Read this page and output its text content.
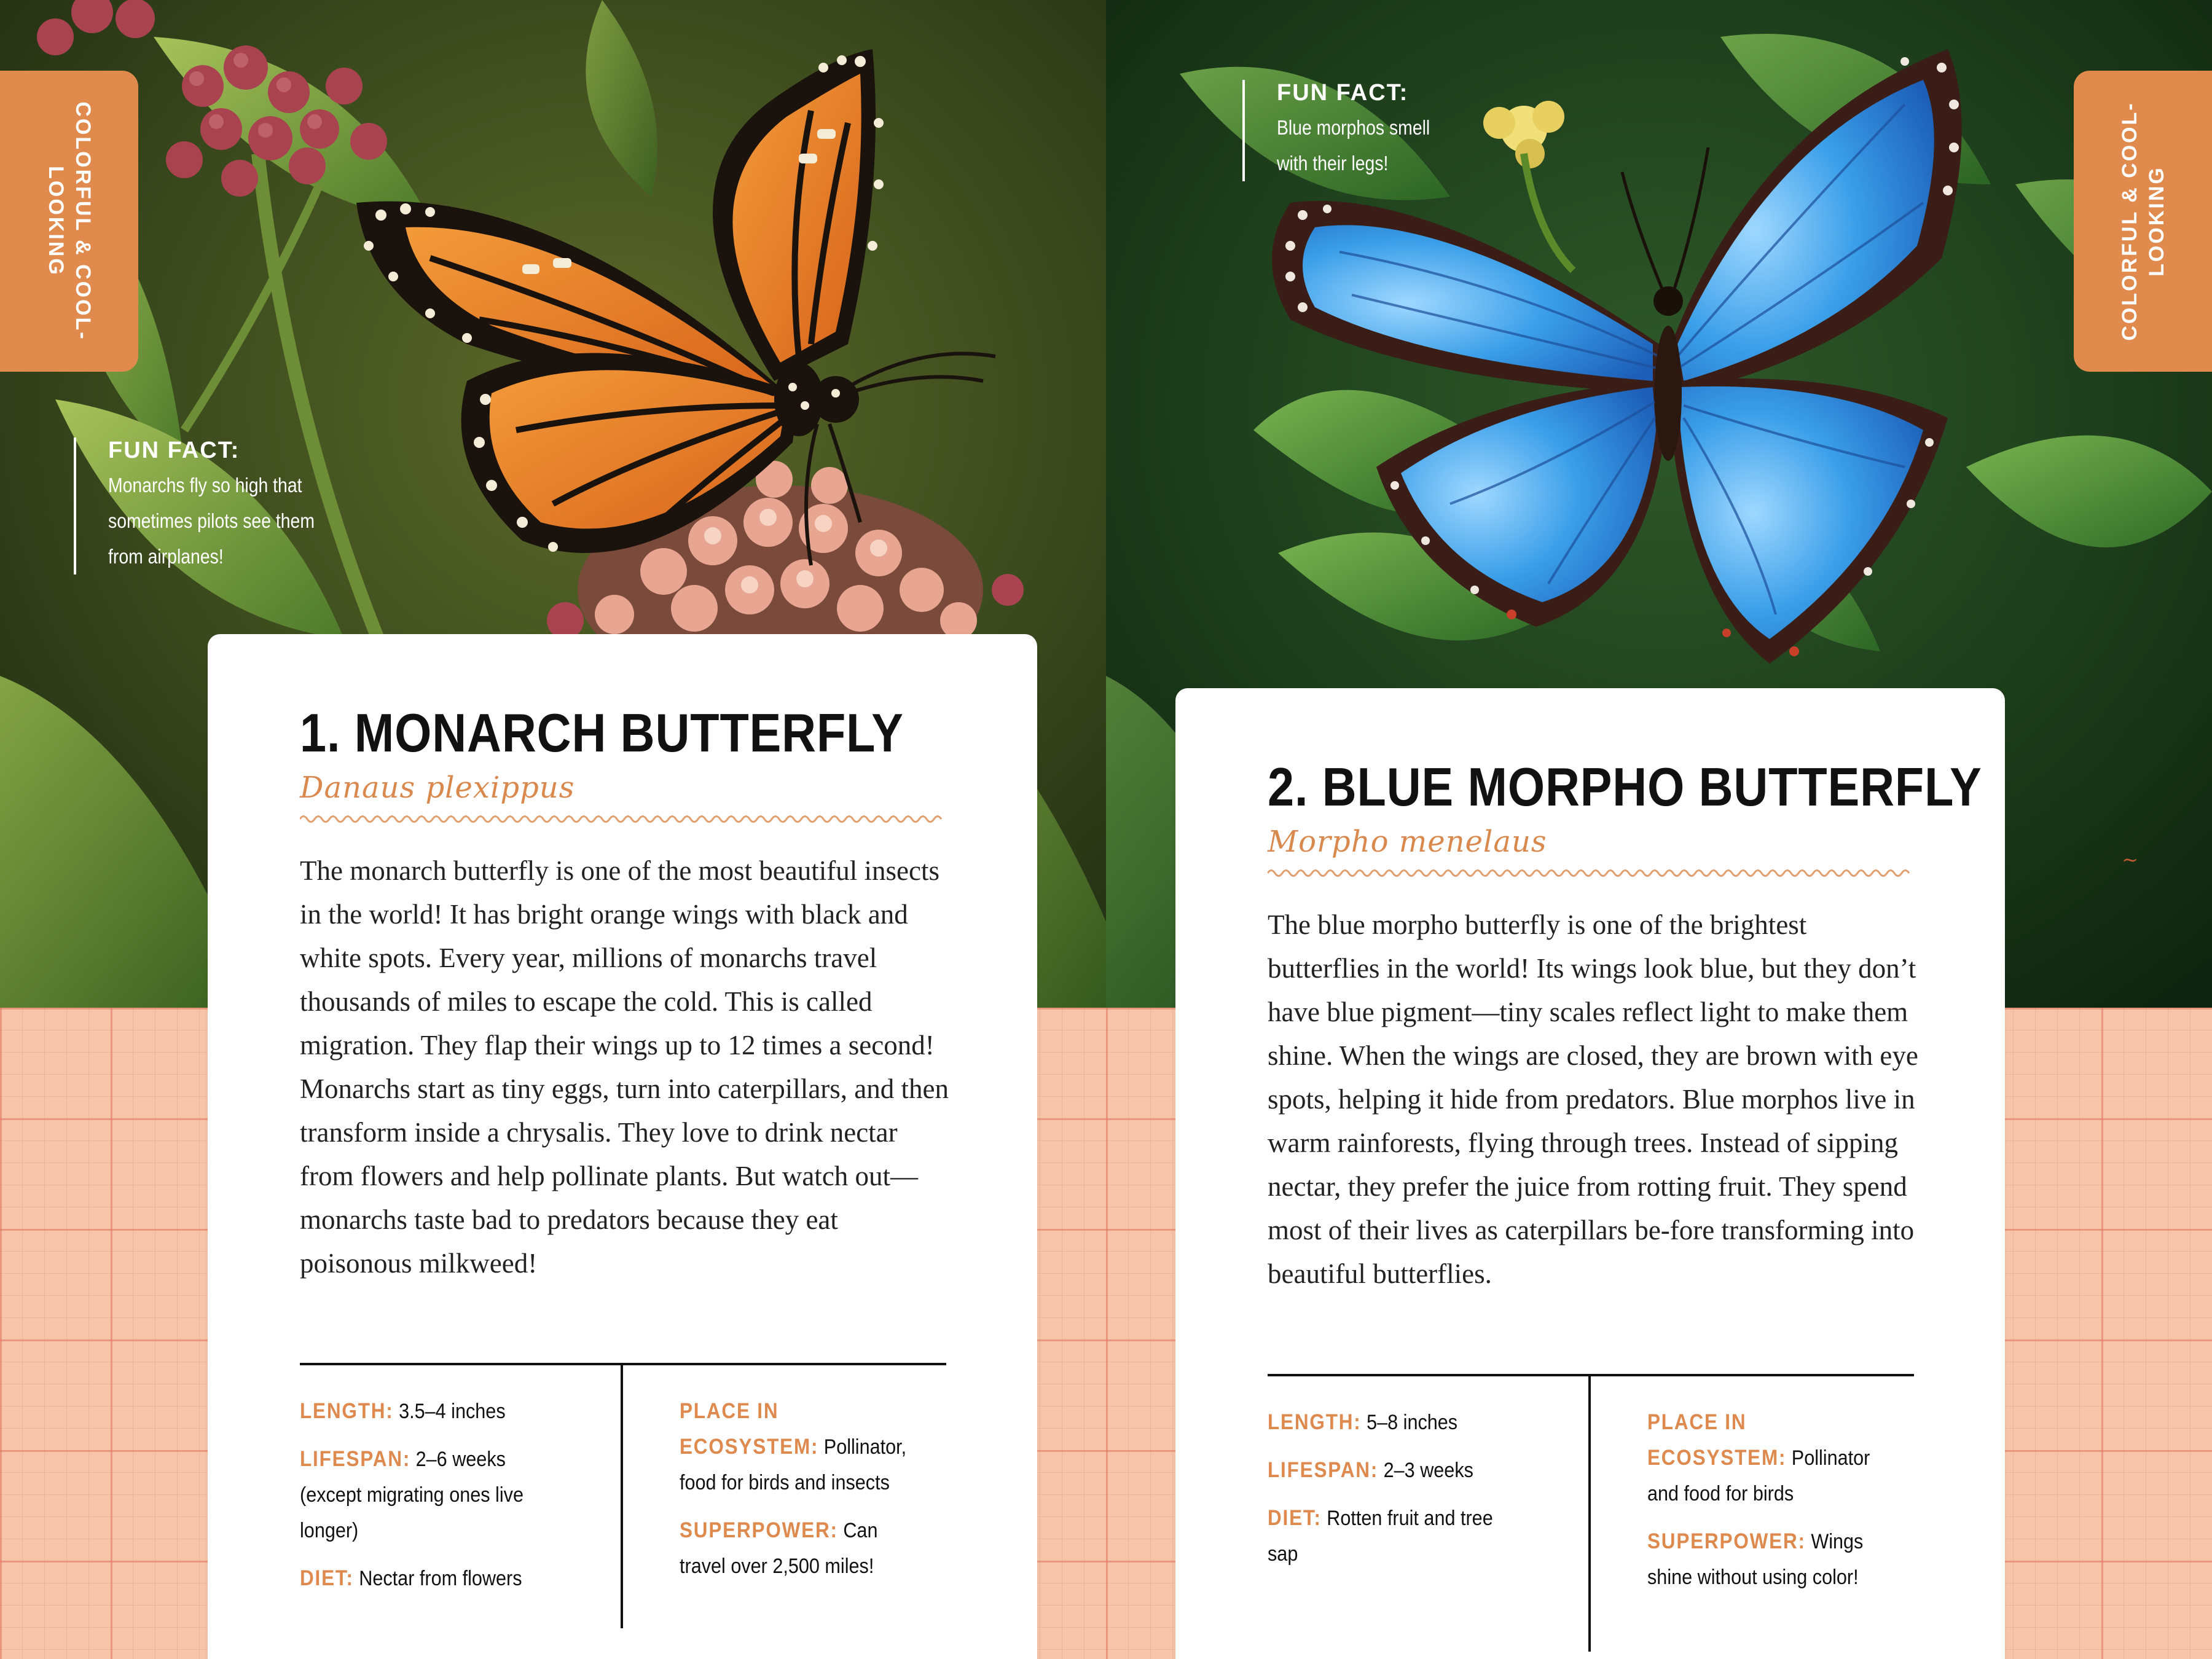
COLORFUL & COOL-LOOKING
FUN FACT:
Monarchs fly so high that sometimes pilots see them from airplanes!
1. MONARCH BUTTERFLY
Danaus plexippus
The monarch butterfly is one of the most beautiful insects in the world! It has bright orange wings with black and white spots. Every year, millions of monarchs travel thousands of miles to escape the cold. This is called migration. They flap their wings up to 12 times a second! Monarchs start as tiny eggs, turn into caterpillars, and then transform inside a chrysalis. They love to drink nectar from flowers and help pollinate plants. But watch out—monarchs taste bad to predators because they eat poisonous milkweed!
LENGTH: 3.5–4 inches
LIFESPAN: 2–6 weeks (except migrating ones live longer)
DIET: Nectar from flowers
PLACE IN ECOSYSTEM: Pollinator, food for birds and insects
SUPERPOWER: Can travel over 2,500 miles!
COLORFUL & COOL-LOOKING
FUN FACT:
Blue morphos smell with their legs!
~
2. BLUE MORPHO BUTTERFLY
Morpho menelaus
The blue morpho butterfly is one of the brightest butterflies in the world! Its wings look blue, but they don’t have blue pigment—tiny scales reflect light to make them shine. When the wings are closed, they are brown with eye spots, helping it hide from predators. Blue morphos live in warm rainforests, flying through trees. Instead of sipping nectar, they prefer the juice from rotting fruit. They spend most of their lives as caterpillars be-fore transforming into beautiful butterflies.
LENGTH: 5–8 inches
LIFESPAN: 2–3 weeks
DIET: Rotten fruit and tree sap
PLACE IN ECOSYSTEM: Pollinator and food for birds
SUPERPOWER: Wings shine without using color!
